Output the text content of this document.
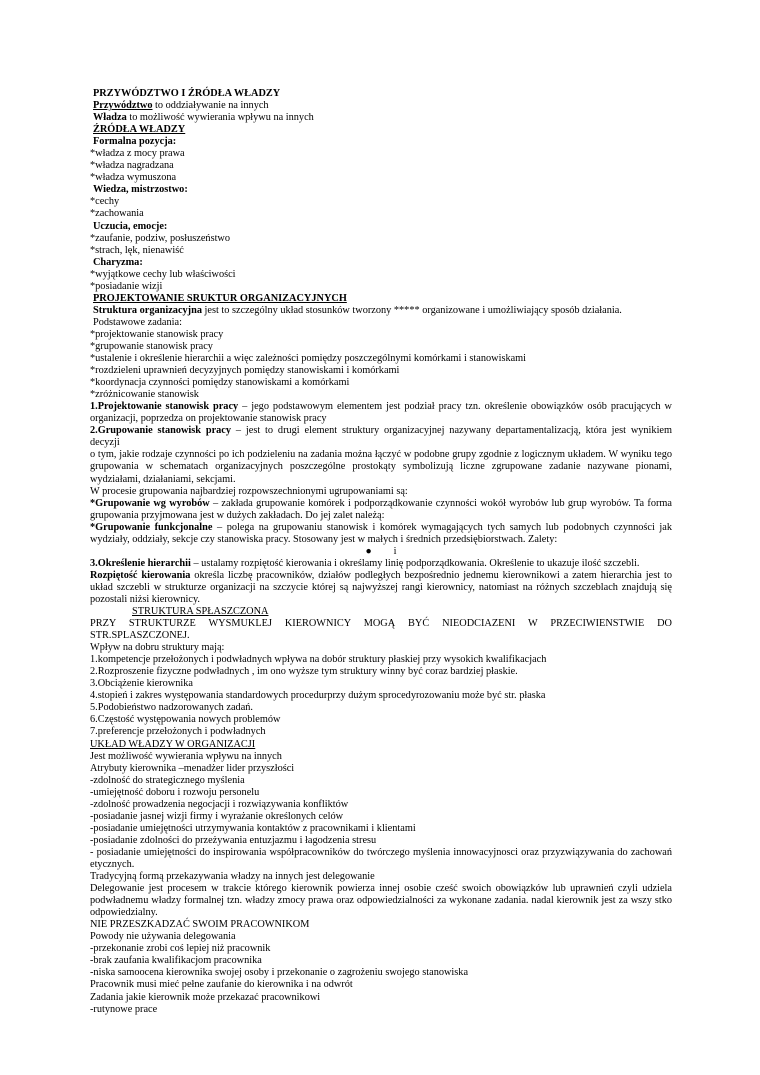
PRZYWÓDZTWO I ŹRÓDŁA WŁADZY
Przywództwo to oddziaływanie na innych
Władza to możliwość wywierania wpływu na innych
ŹRÓDŁA WŁADZY
Formalna pozycja:
*władza z mocy prawa
*władza nagradzana
*władza wymuszona
Wiedza, mistrzostwo:
*cechy
*zachowania
Uczucia, emocje:
*zaufanie, podziw, posłuszeństwo
*strach, lęk, nienawiść
Charyzma:
*wyjątkowe cechy lub właściwości
*posiadanie wizji
PROJEKTOWANIE SRUKTUR ORGANIZACYJNYCH
Struktura organizacyjna jest to szczególny układ stosunków tworzony ***** organizowane i umożliwiający sposób działania.
Podstawowe zadania:
*projektowanie stanowisk pracy
*grupowanie stanowisk pracy
*ustalenie i określenie hierarchii a więc zależności pomiędzy poszczególnymi komórkami i stanowiskami
*rozdzieleni uprawnień decyzyjnych pomiędzy stanowiskami i komórkami
*koordynacja czynności pomiędzy stanowiskami a komórkami
*zróżnicowanie stanowisk
1.Projektowanie stanowisk pracy – jego podstawowym elementem jest podział pracy tzn. określenie obowiązków osób pracujących w
organizacji, poprzedza on projektowanie stanowisk pracy
2.Grupowanie stanowisk pracy – jest to drugi element struktury organizacyjnej nazywany departamentalizacją, która jest wynikiem decyzji
o tym, jakie rodzaje czynności po ich podzieleniu na zadania można łączyć w podobne grupy zgodnie z logicznym układem. W wyniku tego
grupowania w schematach organizacyjnych poszczególne prostokąty symbolizują liczne zgrupowane zadanie nazywane pionami,
wydziałami, działaniami, sekcjami.
W procesie grupowania najbardziej rozpowszechnionymi ugrupowaniami są:
*Grupowanie wg wyrobów – zakłada grupowanie komórek i podporządkowanie czynności wokół wyrobów lub grup wyrobów. Ta forma
grupowania przyjmowana jest w dużych zakładach. Do jej zalet należą:
*Grupowanie funkcjonalne – polega na grupowaniu stanowisk i komórek wymagających tych samych lub podobnych czynności jak
wydziały, oddziały, sekcje czy stanowiska pracy. Stosowany jest w małych i średnich przedsiębiorstwach. Zalety:
● i
3.Określenie hierarchii – ustalamy rozpiętość kierowania i określamy linię podporządkowania. Określenie to ukazuje ilość szczebli.
Rozpiętość kierowania określa liczbę pracowników, działów podległych bezpośrednio jednemu kierownikowi a zatem hierarchia jest to
układ szczebli w strukturze organizacji na szczycie której są najwyższej rangi kierownicy, natomiast na różnych szczeblach znajdują się
pozostali niżsi kierownicy.
STRUKTURA SPŁASZCZONA
PRZY STRUKTURZE WYSMUKLEJ KIEROWNICY MOGĄ BYĆ NIEODCIAZENI W PRZECIWIENSTWIE DO
STR.SPLASZCZONEJ.
Wpływ na dobru struktury mają:
1.kompetencje przełożonych i podwładnych wpływa na dobór struktury płaskiej przy wysokich kwalifikacjach
2.Rozproszenie fizyczne podwładnych , im ono wyższe tym struktury winny być coraz bardziej płaskie.
3.Obciążenie kierownika
4.stopień i zakres występowania standardowych procedurprzy dużym sprocedyrozowaniu może być str. płaska
5.Podobieństwo nadzorowanych zadań.
6.Częstość występowania nowych problemów
7.preferencje przełożonych i podwładnych
UKŁAD WŁADZY W ORGANIZACJI
Jest możliwość wywierania wpływu na innych
Atrybuty kierownika –menadżer lider przyszłości
-zdolność do strategicznego myślenia
-umiejętność doboru i rozwoju personelu
-zdolność prowadzenia negocjacji i rozwiązywania konfliktów
-posiadanie jasnej wizji firmy i wyrażanie określonych celów
-posiadanie umiejętności utrzymywania kontaktów z pracownikami i klientami
-posiadanie zdolności do przeżywania entuzjazmu i łagodzenia stresu
- posiadanie umiejętności do inspirowania współpracowników do twórczego myślenia innowacyjnosci oraz przyzwiązywania do zachowań
etycznych.
Tradycyjną formą przekazywania władzy na innych jest delegowanie
Delegowanie jest procesem w trakcie którego kierownik powierza innej osobie cześć swoich obowiązków lub uprawnień czyli udziela
podwładnemu władzy formalnej tzn. władzy zmocy prawa oraz odpowiedzialności za wykonane zadania. nadal kierownik jest za wszy stko
odpowiedzialny.
NIE PRZESZKADZAĆ SWOIM PRACOWNIKOM
Powody nie używania delegowania
-przekonanie zrobi coś lepiej niż pracownik
-brak zaufania kwalifikacjom pracownika
-niska samoocena kierownika swojej osoby i przekonanie o zagrożeniu swojego stanowiska
Pracownik musi mieć pełne zaufanie do kierownika i na odwrót
Zadania jakie kierownik może przekazać pracownikowi
-rutynowe prace
